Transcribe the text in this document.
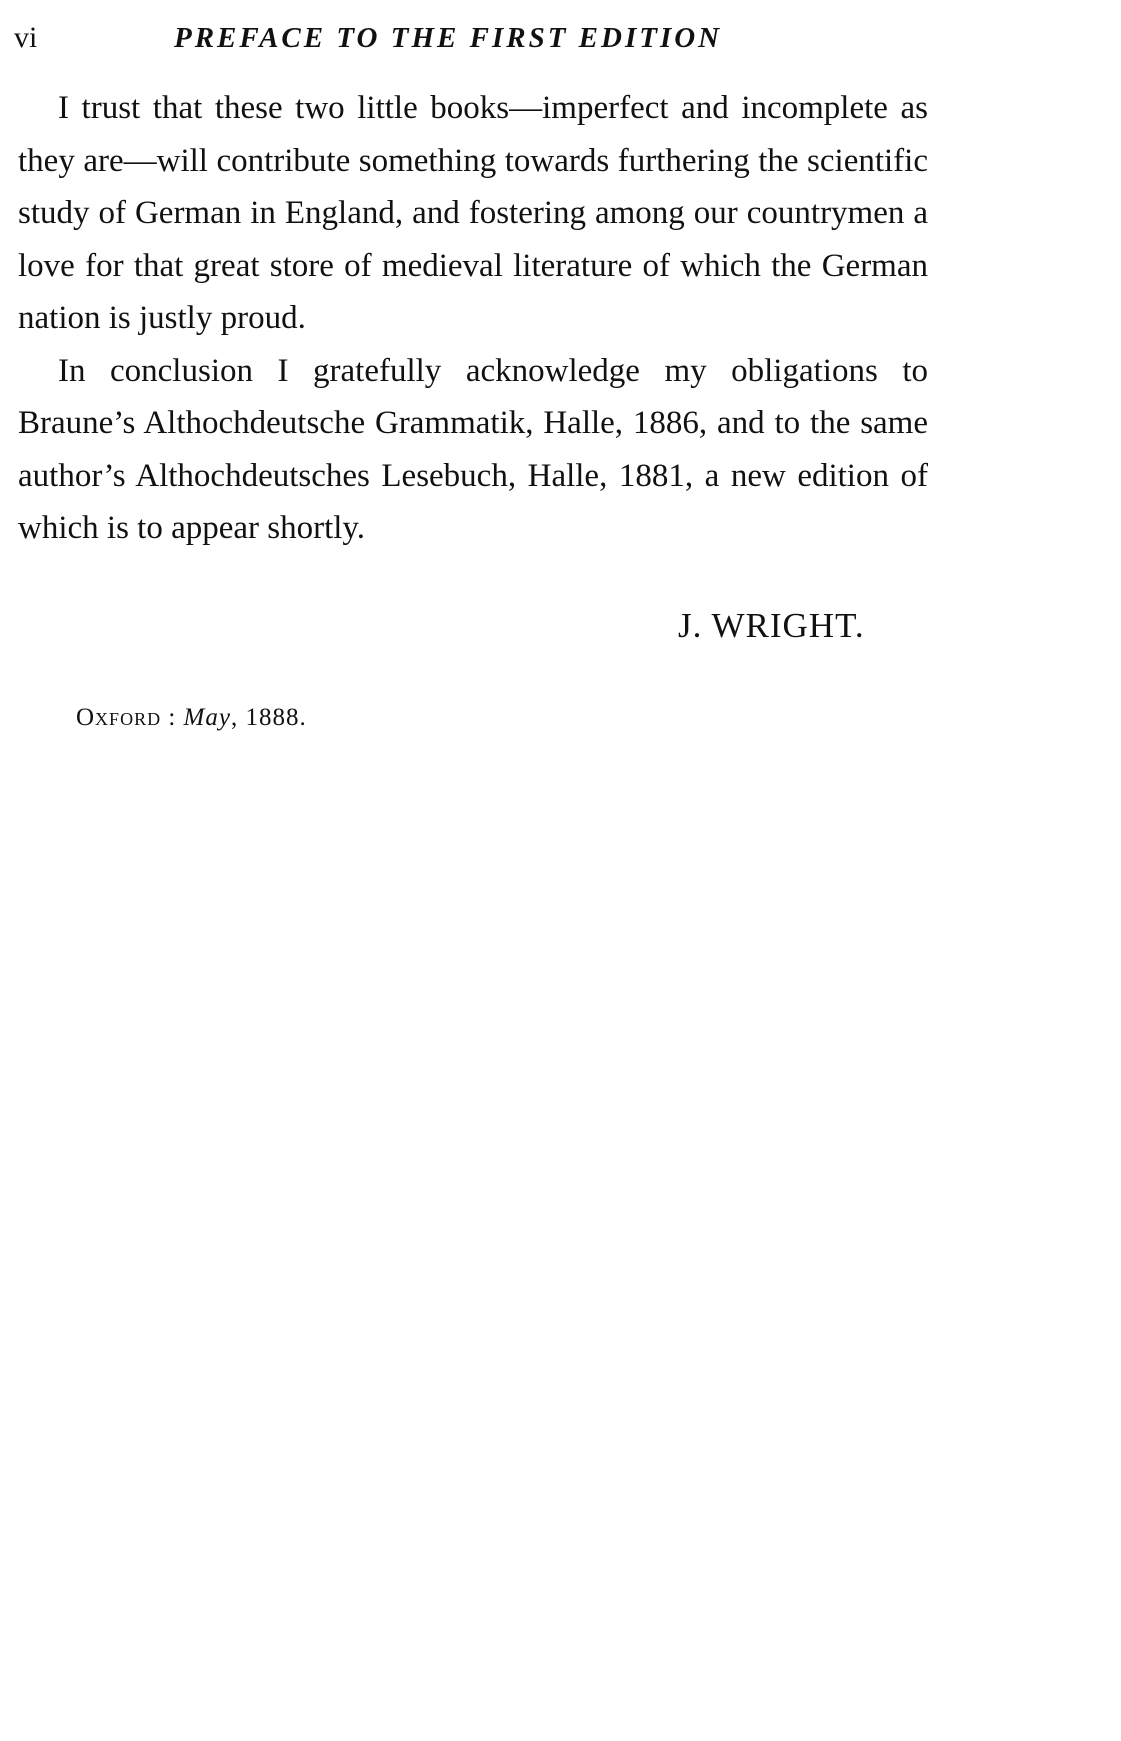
vi	PREFACE TO THE FIRST EDITION

I trust that these two little books—imperfect and incomplete as they are—will contribute something towards furthering the scientific study of German in England, and fostering among our countrymen a love for that great store of medieval literature of which the German nation is justly proud.

In conclusion I gratefully acknowledge my obligations to Braune’s Althochdeutsche Grammatik, Halle, 1886, and to the same author’s Althochdeutsches Lesebuch, Halle, 1881, a new edition of which is to appear shortly.

J. WRIGHT.
Oxford : May, 1888.
